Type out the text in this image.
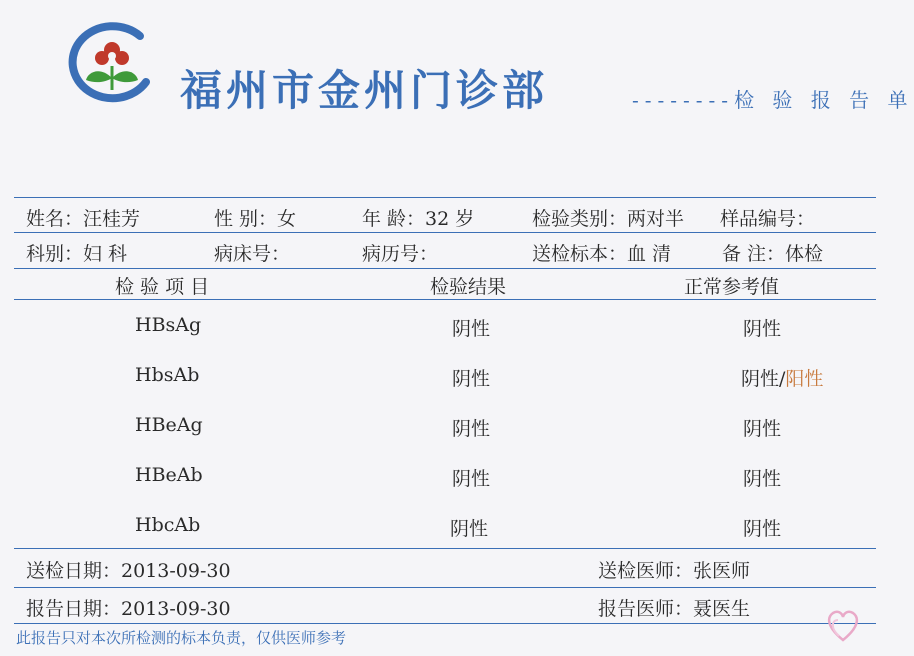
福州市金州门诊部	--------检 验 报 告 单
姓名：汪桂芳	性 别：女	年 龄：32 岁	检验类别：两对半 样品编号：
科别：妇 科	病床号：	病历号：	送检标本：血 清	备 注：体检
检 验 项 目	检验结果	正常参考值
HBsAg	阴性	阴性
HbsAb	阴性	阴性/阳性
HBeAg	阴性	阴性
HBeAb	阴性	阴性
HbcAb	阴性	阴性
送检日期：2013-09-30	送检医师：张医师
报告日期：2013-09-30	报告医师：聂医生
此报告只对本次所检测的标本负责，仅供医师参考
